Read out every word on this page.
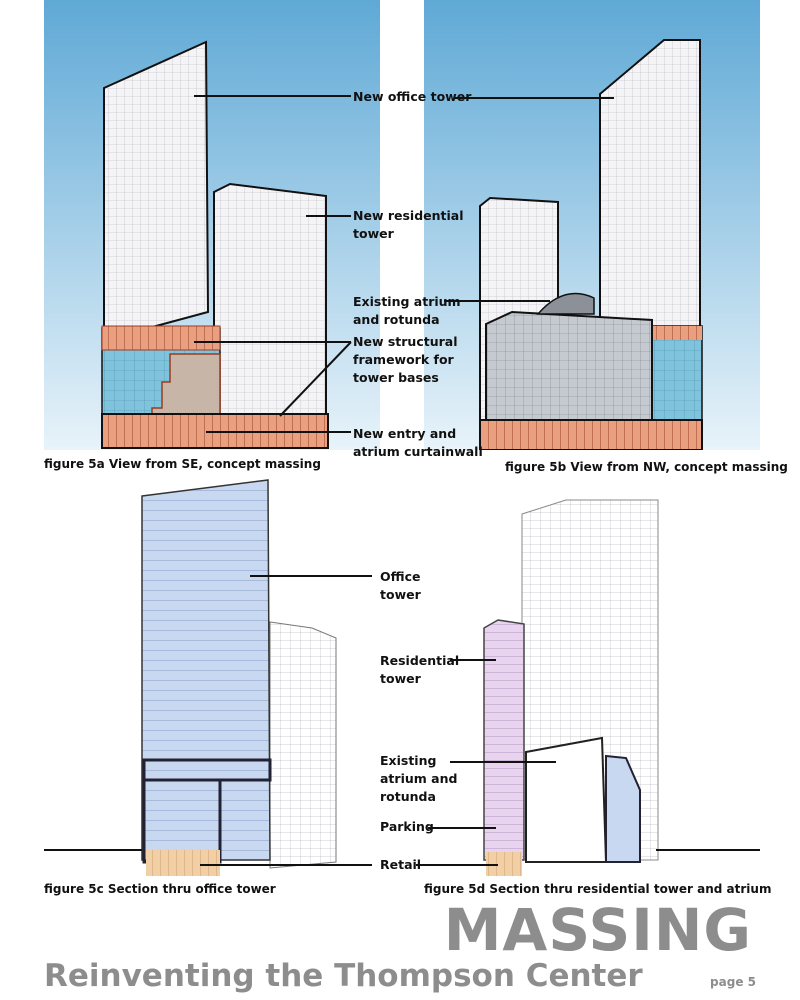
New office tower
New residential
tower
Existing atrium
and rotunda
New structural
framework for
tower bases
New entry and
atrium curtainwall
figure 5a View from SE, concept massing	figure 5b View from NW, concept massing
Office
tower
Residential
tower
Existing
atrium and
rotunda
Parking
Retail
figure 5c Section thru office tower	figure 5d Section thru residential tower and atrium
MASSING
Reinventing the Thompson Center	page 5
